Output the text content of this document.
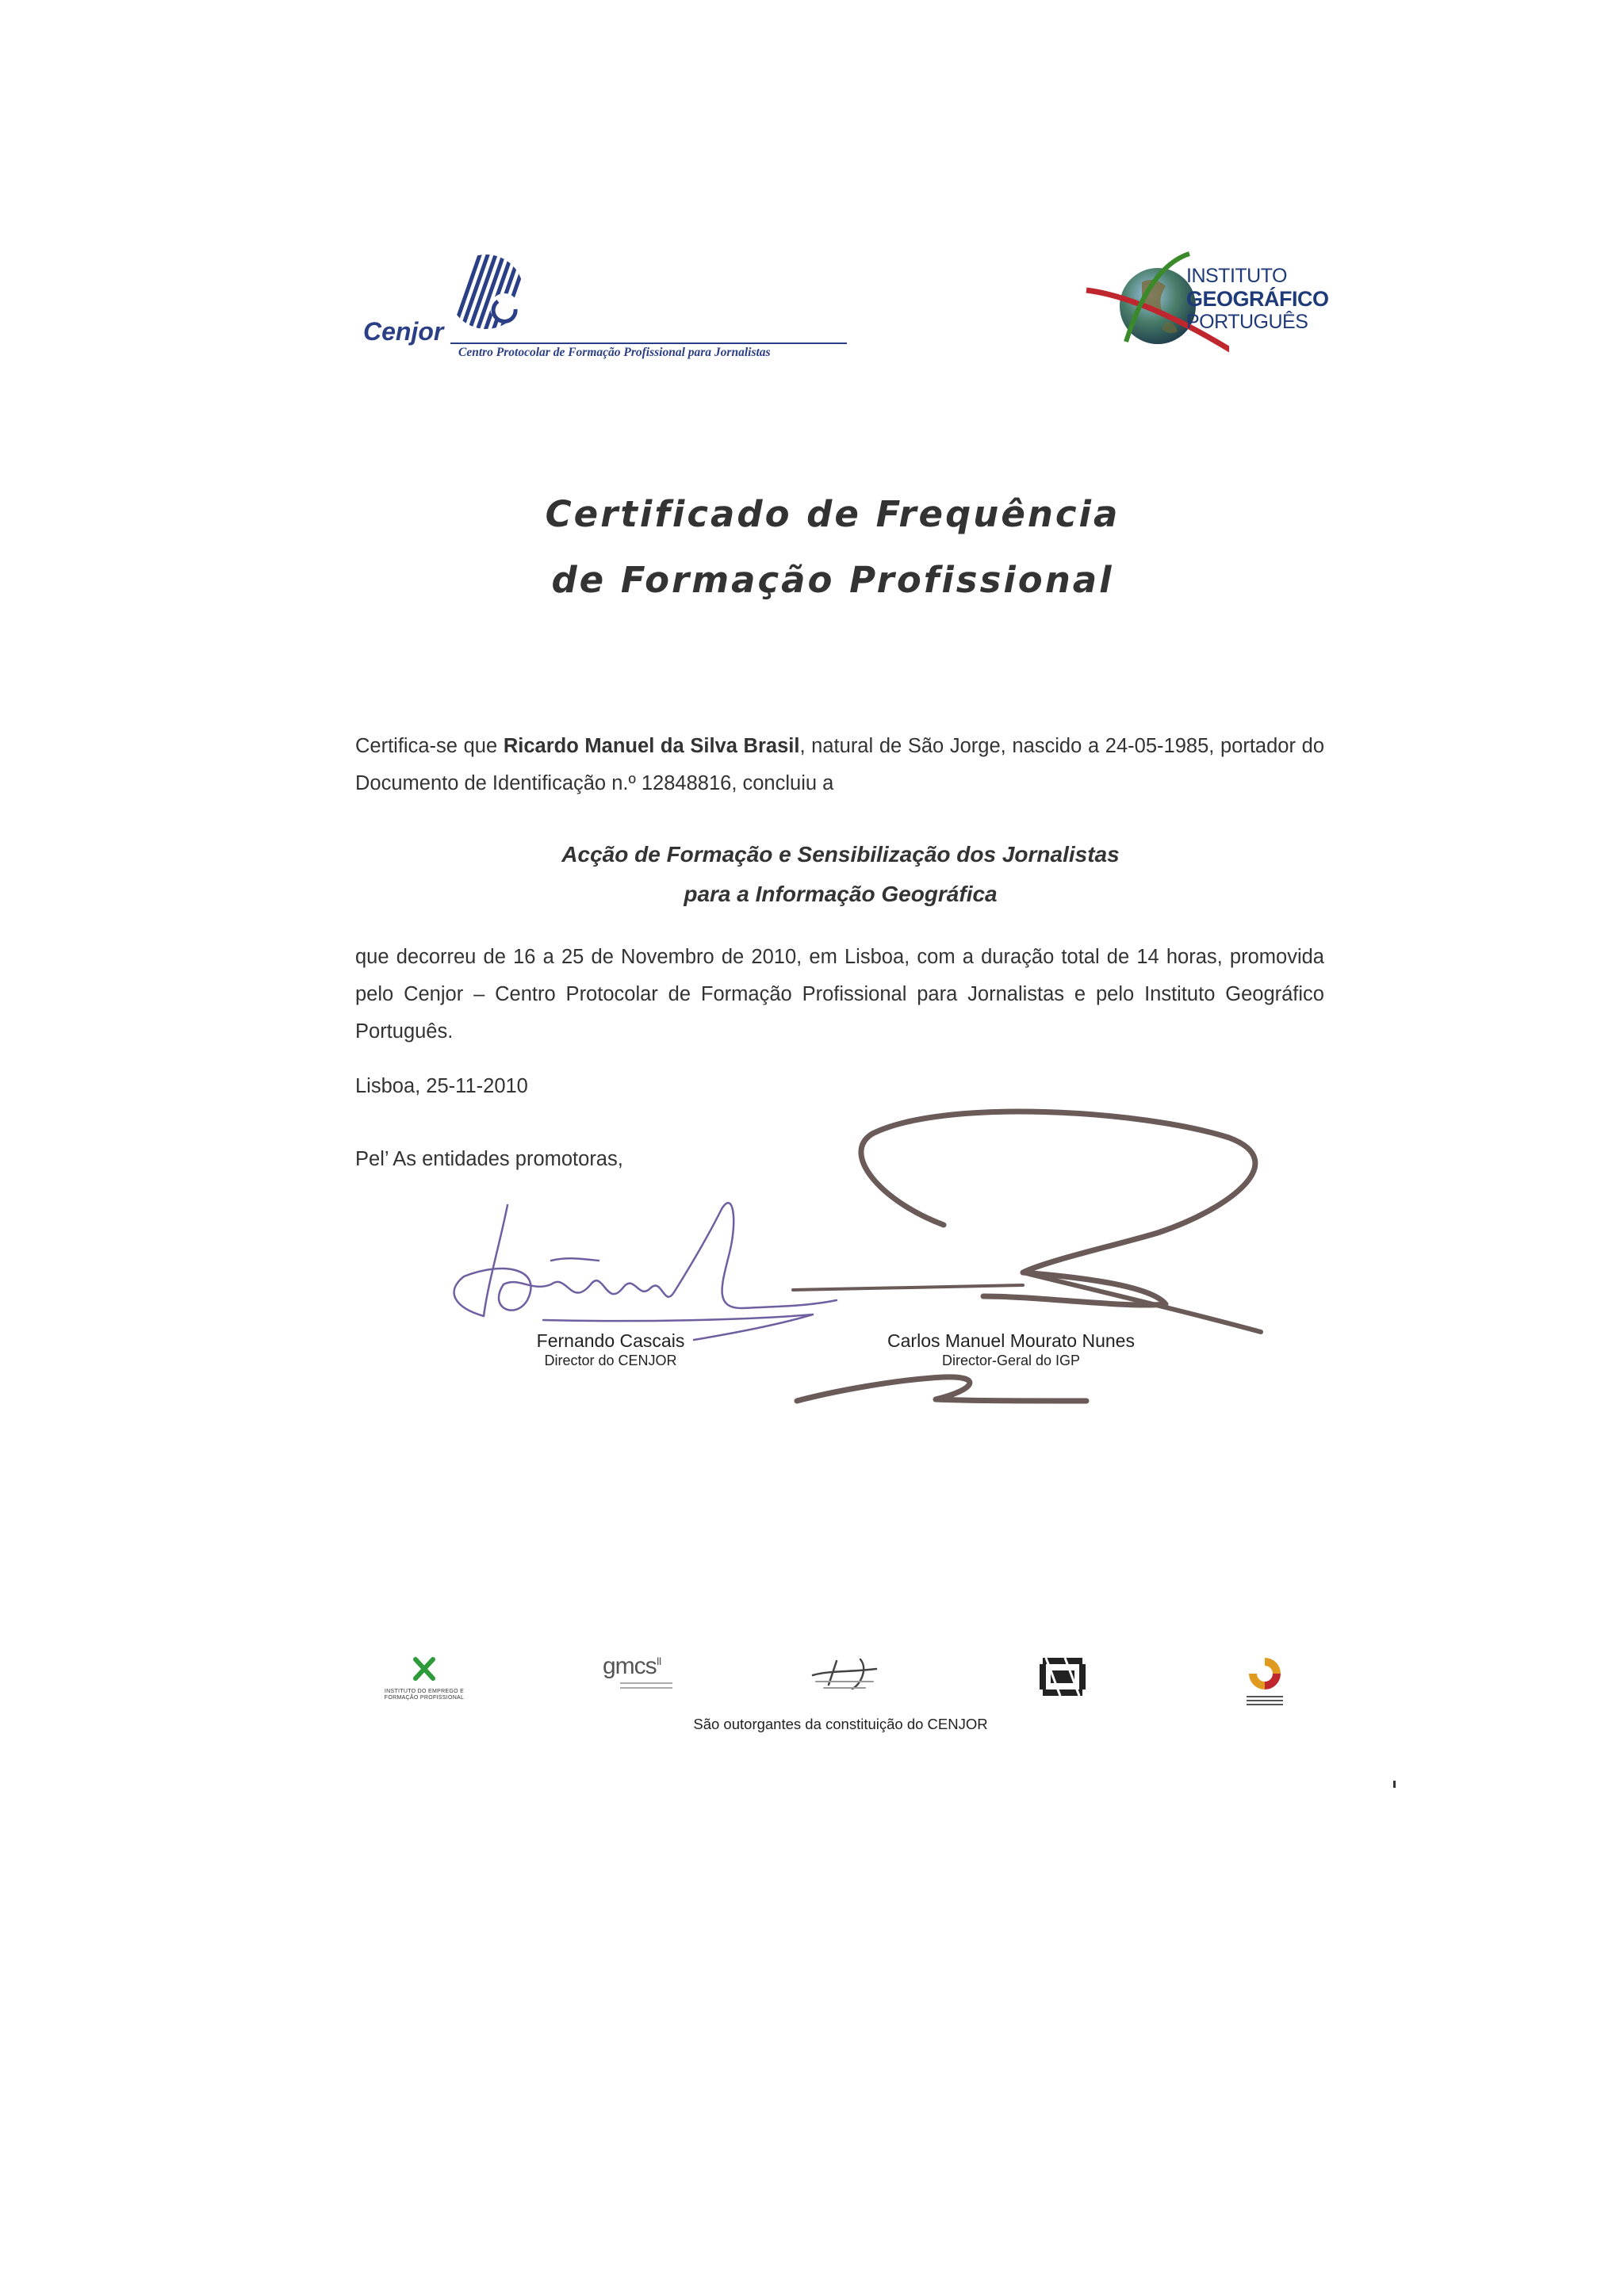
Cenjor
Centro Protocolar de Formação Profissional para Jornalistas
INSTITUTO
GEOGRÁFICO
PORTUGUÊS
Certificado de Frequência
de Formação Profissional
Certifica-se que Ricardo Manuel da Silva Brasil, natural de São Jorge, nascido a 24-05-1985, portador do Documento de Identificação n.º 12848816, concluiu a
Acção de Formação e Sensibilização dos Jornalistas
para a Informação Geográfica
que decorreu de 16 a 25 de Novembro de 2010, em Lisboa, com a duração total de 14 horas, promovida pelo Cenjor – Centro Protocolar de Formação Profissional para Jornalistas e pelo Instituto Geográfico Português.
Lisboa, 25-11-2010
Pel’ As entidades promotoras,
Fernando Cascais
Director do CENJOR
Carlos Manuel Mourato Nunes
Director-Geral do IGP
INSTITUTO DO EMPREGO E FORMAÇÃO PROFISSIONAL
gmcs$^{II}$
São outorgantes da constituição do CENJOR
